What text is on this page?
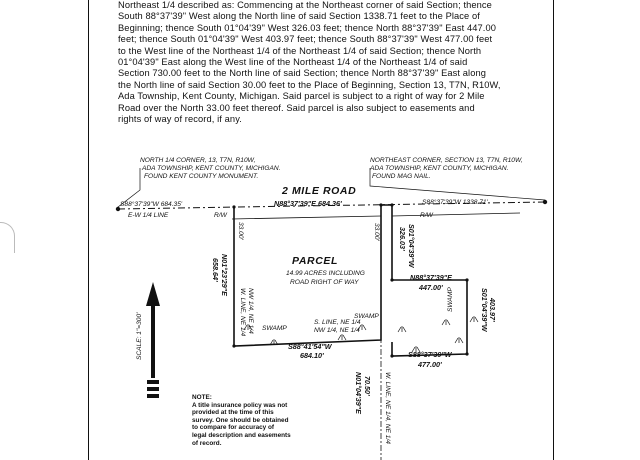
Northeast 1/4 described as: Commencing at the Northeast corner of said Section; thence
South 88°37'39" West along the North line of said Section 1338.71 feet to the Place of
Beginning; thence South 01°04'39" West 326.03 feet; thence North 88°37'39" East 447.00
feet; thence South 01°04'39" West 403.97 feet; thence South 88°37'39" West 477.00 feet
to the West line of the Northeast 1/4 of the Northeast 1/4 of said Section; thence North
01°04'39" East along the West line of the Northeast 1/4 of the Northeast 1/4 of said
Section 730.00 feet to the North line of said Section; thence North 88°37'39" East along
the North line of said Section 30.00 feet to the Place of Beginning, Section 13, T7N, R10W,
Ada Township, Kent County, Michigan. Said parcel is subject to a right of way for 2 Mile
Road over the North 33.00 feet thereof. Said parcel is also subject to easements and
rights of way of record, if any.
NORTH 1/4 CORNER, 13, T7N, R10W,
ADA TOWNSHIP, KENT COUNTY, MICHIGAN.
FOUND KENT COUNTY MONUMENT.
NORTHEAST CORNER, SECTION 13, T7N, R10W,
ADA TOWNSHIP, KENT COUNTY, MICHIGAN.
FOUND MAG NAIL.
2 MILE ROAD
S88°37'39"W 684.35'
E-W 1/4 LINE	R/W
N88°37'39"E 684.36'	S88°37'39"W 1338.71'
R/W
33.00'	33.00'
N01°23'29"E
658.64'
W. LINE, NE 1/4 NW 1/4, NE 1/4
PARCEL
14.99 ACRES INCLUDING
ROAD RIGHT OF WAY
326.03' S01°04'39"W
N88°37'39"E
447.00' SWAMP	S01°04'39"W 403.97'
SWAMP
S. LINE, NE 1/4
NW 1/4, NE 1/4
SWAMP
S88°41'54"W
684.10'	S88°37'39"W
477.00'
N01°04'39"E 70.50' W. LINE, NE 1/4, NE 1/4
SCALE: 1"=300'
NOTE:
A title insurance policy was not
provided at the time of this
survey. One should be obtained
to compare for accuracy of
legal description and easements
of record.
